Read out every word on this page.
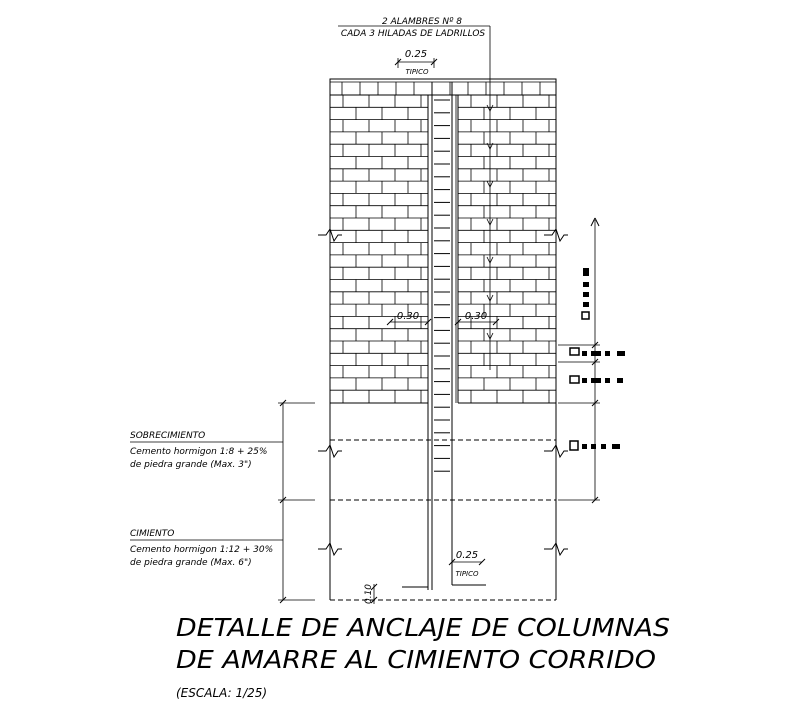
2 ALAMBRES Nº 8
CADA 3 HILADAS DE LADRILLOS
0.25
TIPICO
0.30	0.30
0.25
TIPICO
0.10
SOBRECIMIENTO
Cemento hormigon 1:8 + 25%
de piedra grande (Max. 3")
CIMIENTO
Cemento hormigon 1:12 + 30%
de piedra grande (Max. 6")
DETALLE DE ANCLAJE DE COLUMNAS
DE AMARRE AL CIMIENTO CORRIDO
(ESCALA: 1/25)
